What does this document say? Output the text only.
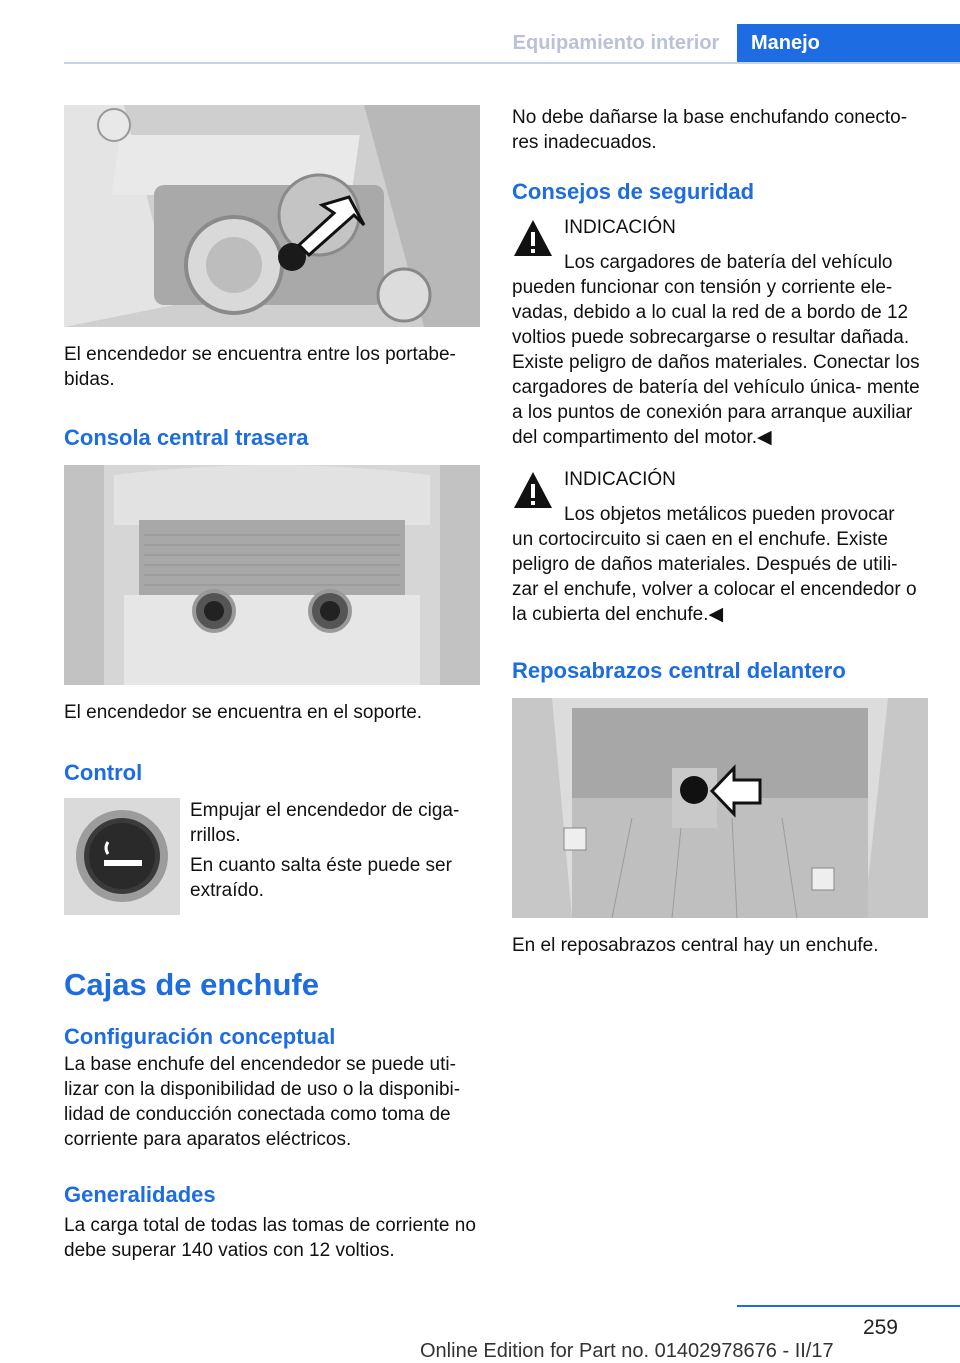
Equipamiento interior	Manejo
El encendedor se encuentra entre los portabe‐ bidas.
Consola central trasera
El encendedor se encuentra en el soporte.
Control
Empujar el encendedor de ciga‐ rrillos.
En cuanto salta éste puede ser extraído.
Cajas de enchufe
Configuración conceptual
La base enchufe del encendedor se puede uti‐ lizar con la disponibilidad de uso o la disponibi‐ lidad de conducción conectada como toma de corriente para aparatos eléctricos.
Generalidades
La carga total de todas las tomas de corriente no debe superar 140 vatios con 12 voltios.
No debe dañarse la base enchufando conecto‐ res inadecuados.
Consejos de seguridad
INDICACIÓN
Los cargadores de batería del vehículo
pueden funcionar con tensión y corriente ele‐ vadas, debido a lo cual la red de a bordo de 12 voltios puede sobrecargarse o resultar dañada. Existe peligro de daños materiales. Conectar los cargadores de batería del vehículo única‐ mente a los puntos de conexión para arranque auxiliar del compartimento del motor.◀
INDICACIÓN
Los objetos metálicos pueden provocar
un cortocircuito si caen en el enchufe. Existe peligro de daños materiales. Después de utili‐ zar el enchufe, volver a colocar el encendedor o la cubierta del enchufe.◀
Reposabrazos central delantero
En el reposabrazos central hay un enchufe.
259
Online Edition for Part no. 01402978676 - II/17
